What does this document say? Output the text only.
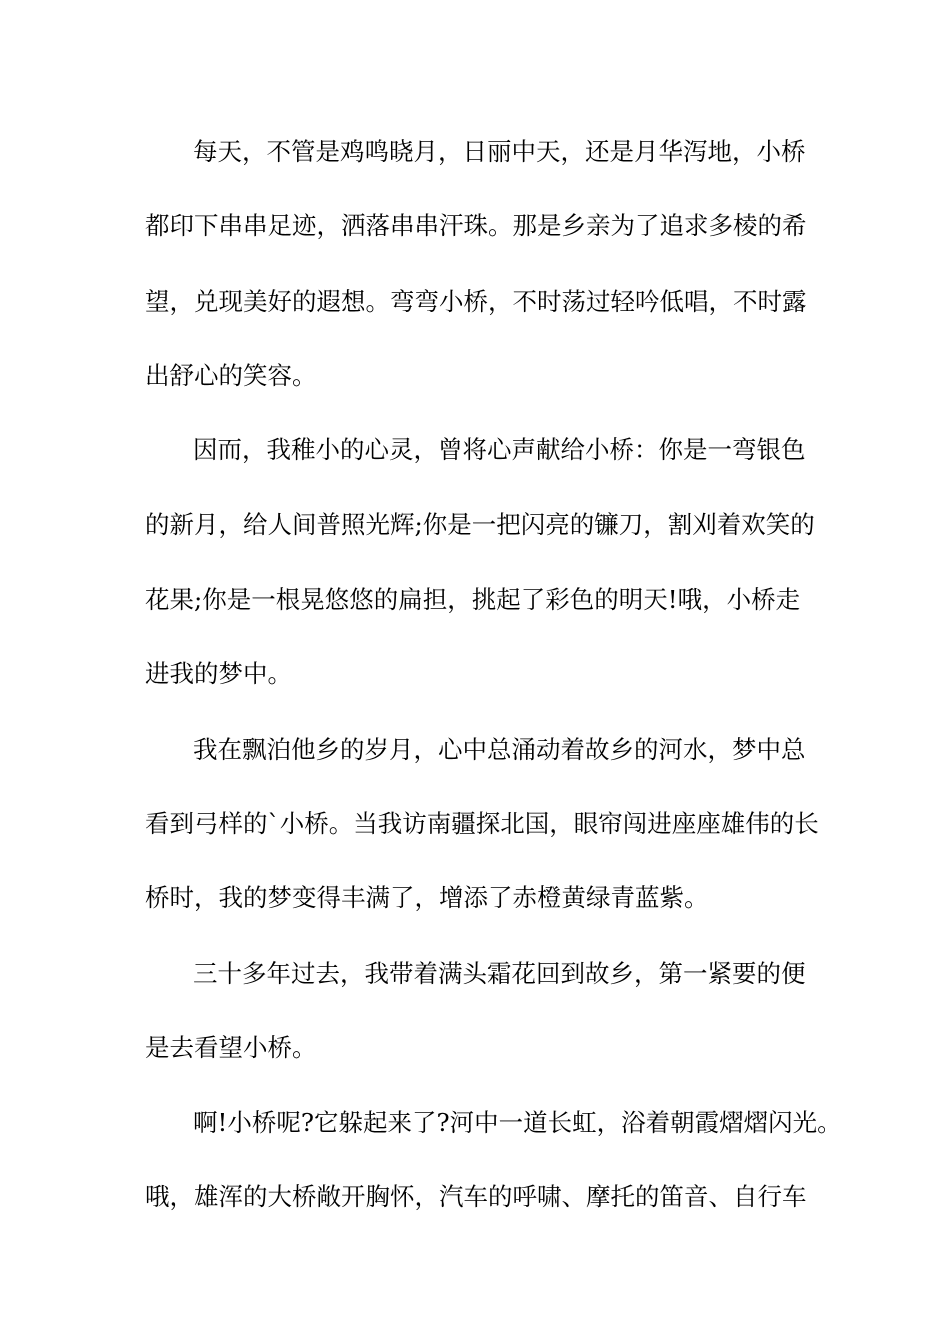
每天，不管是鸡鸣晓月，日丽中天，还是月华泻地，小桥
都印下串串足迹，洒落串串汗珠。那是乡亲为了追求多棱的希
望，兑现美好的遐想。弯弯小桥，不时荡过轻吟低唱，不时露
出舒心的笑容。
因而，我稚小的心灵，曾将心声献给小桥：你是一弯银色
的新月，给人间普照光辉;你是一把闪亮的镰刀，割刈着欢笑的
花果;你是一根晃悠悠的扁担，挑起了彩色的明天!哦，小桥走
进我的梦中。
我在飘泊他乡的岁月，心中总涌动着故乡的河水，梦中总
看到弓样的`小桥。当我访南疆探北国，眼帘闯进座座雄伟的长
桥时，我的梦变得丰满了，增添了赤橙黄绿青蓝紫。
三十多年过去，我带着满头霜花回到故乡，第一紧要的便
是去看望小桥。
啊!小桥呢?它躲起来了?河中一道长虹，浴着朝霞熠熠闪光。
哦，雄浑的大桥敞开胸怀，汽车的呼啸、摩托的笛音、自行车
